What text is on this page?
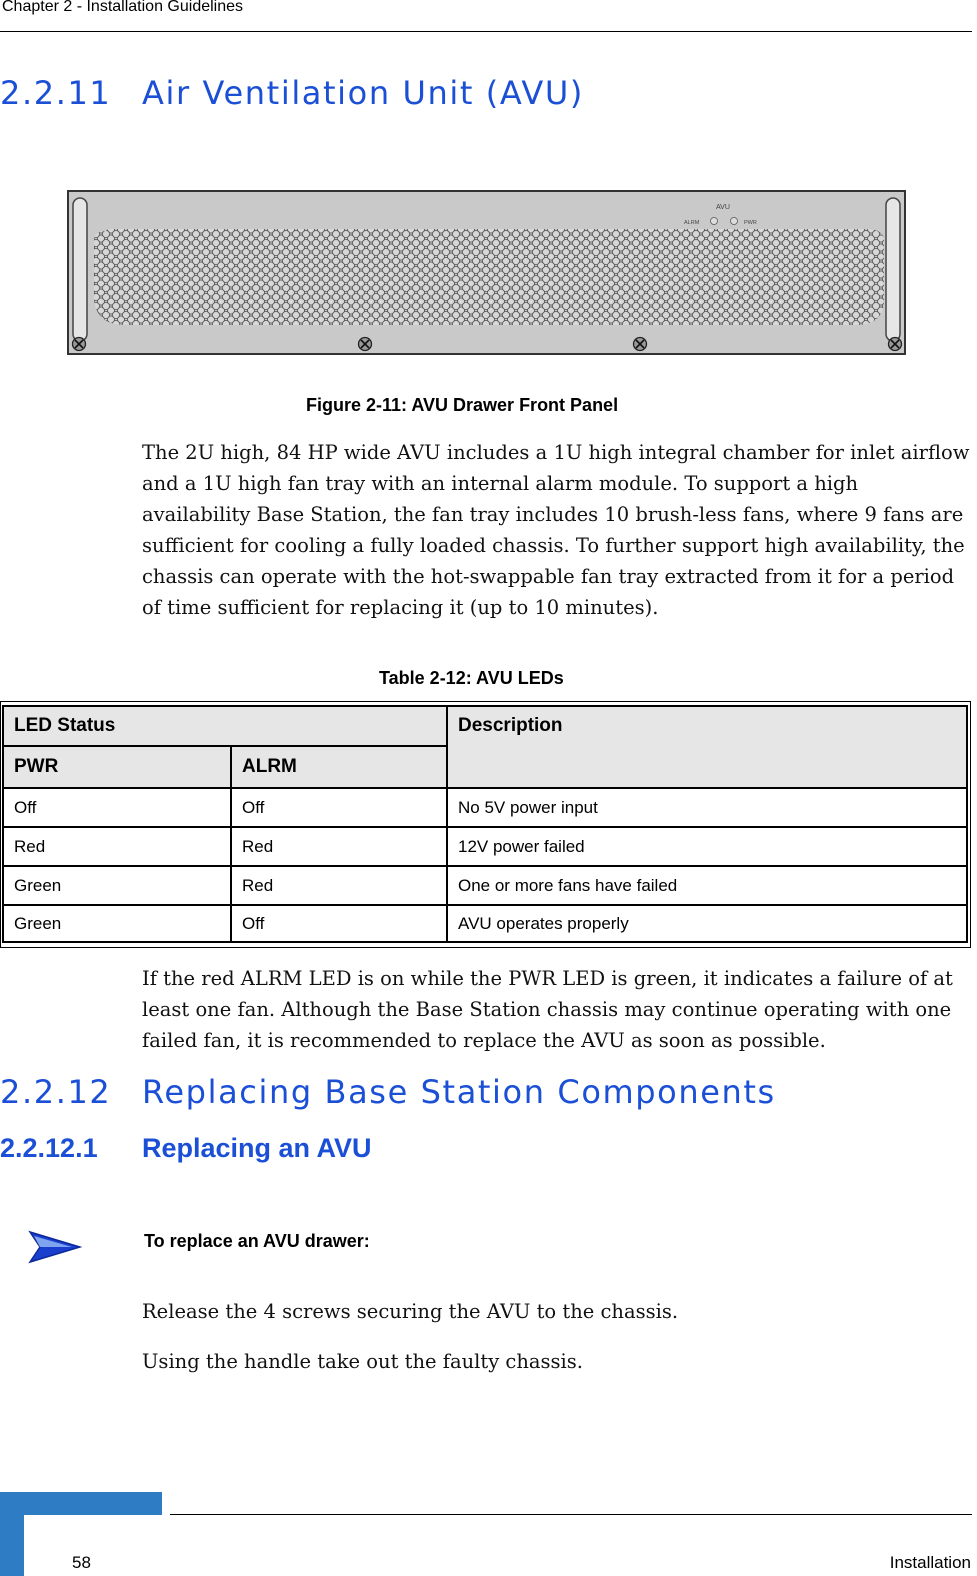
Chapter 2 - Installation Guidelines
2.2.11 Air Ventilation Unit (AVU)
AVU
ALRM	PWR
Figure 2-11: AVU Drawer Front Panel
The 2U high, 84 HP wide AVU includes a 1U high integral chamber for inlet airflow and a 1U high fan tray with an internal alarm module. To support a high availability Base Station, the fan tray includes 10 brush-less fans, where 9 fans are sufficient for cooling a fully loaded chassis. To further support high availability, the chassis can operate with the hot-swappable fan tray extracted from it for a period of time sufficient for replacing it (up to 10 minutes).
Table 2-12: AVU LEDs
LED Status		Description
PWR	ALRM	
Off	Off	No 5V power input
Red	Red	12V power failed
Green	Red	One or more fans have failed
Green	Off	AVU operates properly
If the red ALRM LED is on while the PWR LED is green, it indicates a failure of at least one fan. Although the Base Station chassis may continue operating with one failed fan, it is recommended to replace the AVU as soon as possible.
2.2.12 Replacing Base Station Components
2.2.12.1 Replacing an AVU
To replace an AVU drawer:
Release the 4 screws securing the AVU to the chassis.
Using the handle take out the faulty chassis.
58	Installation
